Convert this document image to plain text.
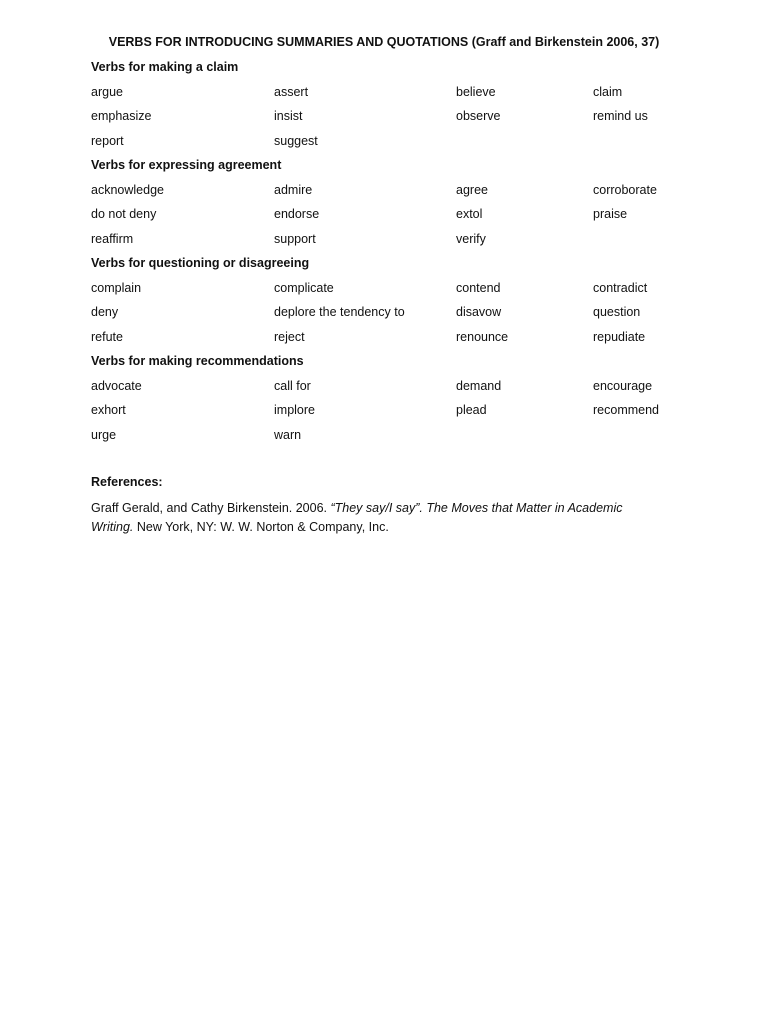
VERBS FOR INTRODUCING SUMMARIES AND QUOTATIONS (Graff and Birkenstein 2006, 37)
Verbs for making a claim
argue	assert	believe	claim
emphasize	insist	observe	remind us
report	suggest
Verbs for expressing agreement
acknowledge	admire	agree	corroborate
do not deny	endorse	extol	praise
reaffirm	support	verify
Verbs for questioning or disagreeing
complain	complicate	contend	contradict
deny	deplore the tendency to	disavow	question
refute	reject	renounce	repudiate
Verbs for making recommendations
advocate	call for	demand	encourage
exhort	implore	plead	recommend
urge	warn
References:
Graff Gerald, and Cathy Birkenstein. 2006. “They say/I say”. The Moves that Matter in Academic Writing. New York, NY: W. W. Norton & Company, Inc.
